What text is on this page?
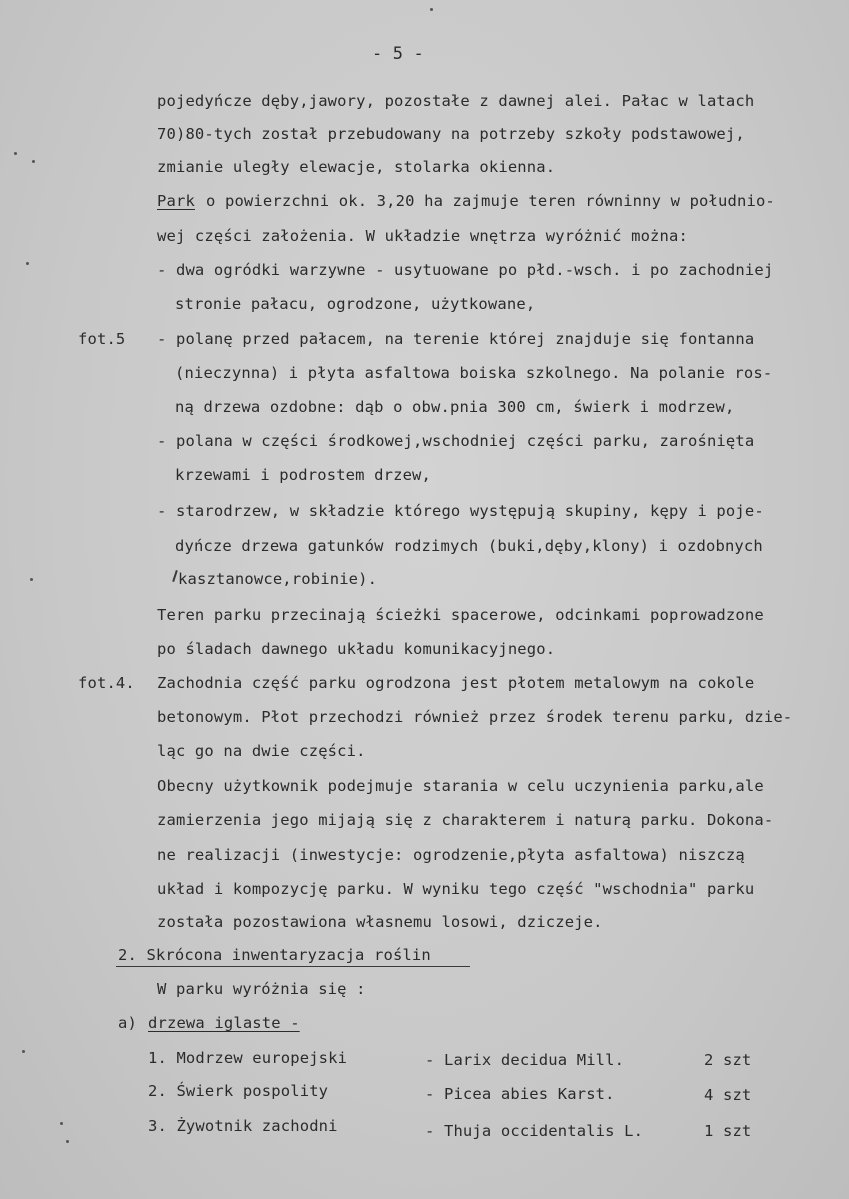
- 5 -
pojedyńcze dęby,jawory, pozostałe z dawnej alei. Pałac w latach
70)80-tych został przebudowany na potrzeby szkoły podstawowej,
zmianie uległy elewacje, stolarka okienna.
Park o powierzchni ok. 3,20 ha zajmuje teren równinny w południo-
wej części założenia. W układzie wnętrza wyróżnić można:
- dwa ogródki warzywne - usytuowane po płd.-wsch. i po zachodniej
stronie pałacu, ogrodzone, użytkowane,
fot.5 - polanę przed pałacem, na terenie której znajduje się fontanna
(nieczynna) i płyta asfaltowa boiska szkolnego. Na polanie ros-
ną drzewa ozdobne: dąb o obw.pnia 300 cm, świerk i modrzew,
- polana w części środkowej,wschodniej części parku, zarośnięta
krzewami i podrostem drzew,
- starodrzew, w składzie którego występują skupiny, kępy i poje-
dyńcze drzewa gatunków rodzimych (buki,dęby,klony) i ozdobnych
kasztanowce,robinie).
Teren parku przecinają ścieżki spacerowe, odcinkami poprowadzone
po śladach dawnego układu komunikacyjnego.
fot.4. Zachodnia część parku ogrodzona jest płotem metalowym na cokole
betonowym. Płot przechodzi również przez środek terenu parku, dzie-
ląc go na dwie części.
Obecny użytkownik podejmuje starania w celu uczynienia parku,ale
zamierzenia jego mijają się z charakterem i naturą parku. Dokona-
ne realizacji (inwestycje: ogrodzenie,płyta asfaltowa) niszczą
układ i kompozycję parku. W wyniku tego część "wschodnia" parku
została pozostawiona własnemu losowi, dziczeje.
2. Skrócona inwentaryzacja roślin
W parku wyróżnia się :
a) drzewa iglaste -
1. Modrzew europejski	- Larix decidua Mill.	2 szt
2. Świerk pospolity	- Picea abies Karst.	4 szt
3. Żywotnik zachodni	- Thuja occidentalis L.	1 szt
